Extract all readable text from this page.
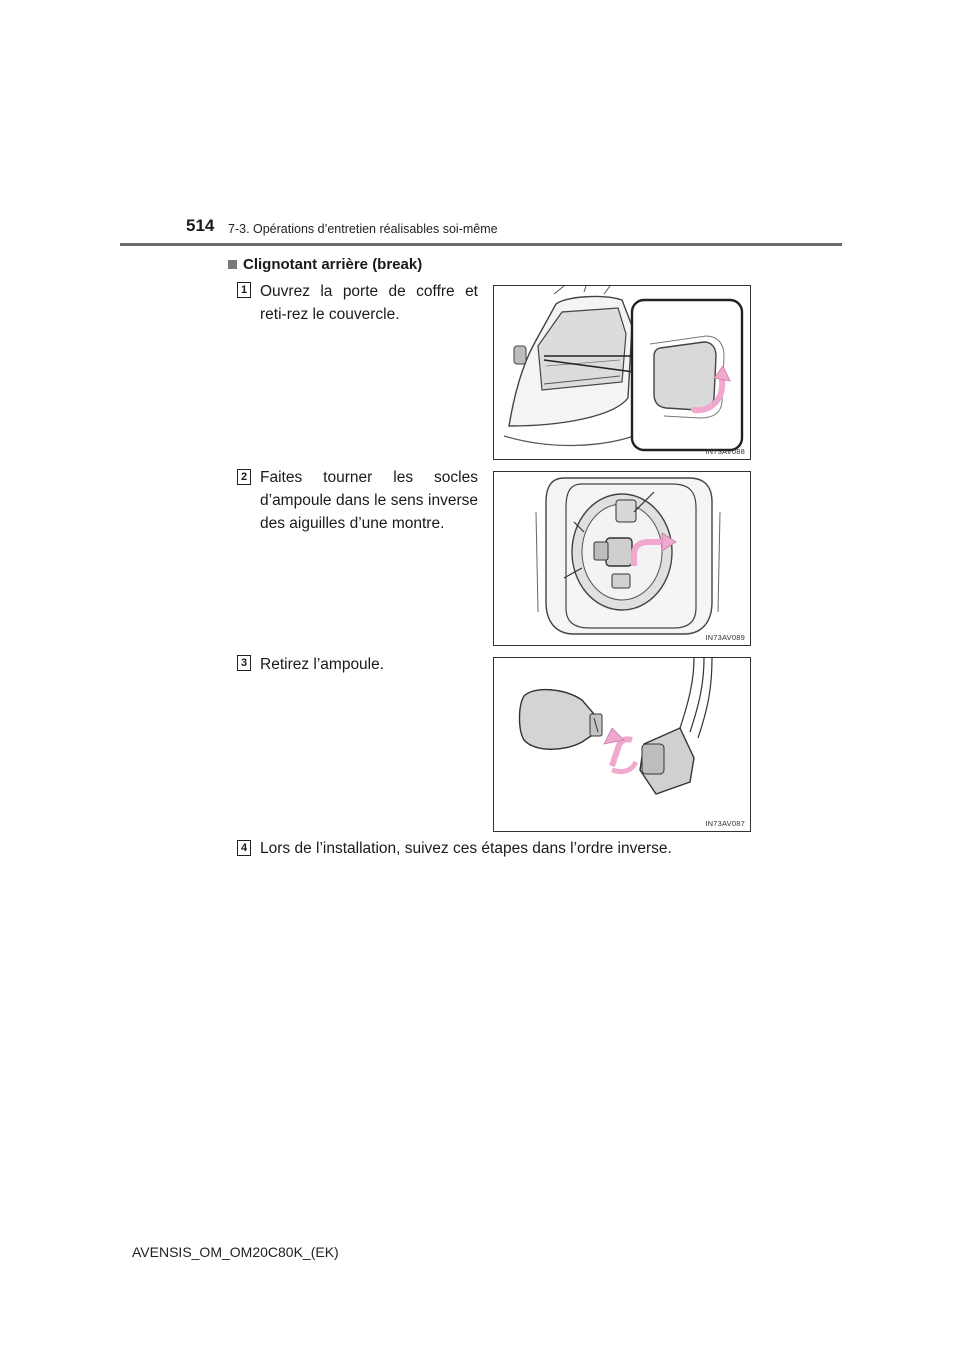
514 7-3. Opérations d’entretien réalisables soi-même
Clignotant arrière (break)
1 Ouvrez la porte de coffre et reti-rez le couvercle.
IN73AV088
2 Faites tourner les socles d’ampoule dans le sens inverse des aiguilles d’une montre.
IN73AV089
3 Retirez l’ampoule.
IN73AV087
4 Lors de l’installation, suivez ces étapes dans l’ordre inverse.
AVENSIS_OM_OM20C80K_(EK)
